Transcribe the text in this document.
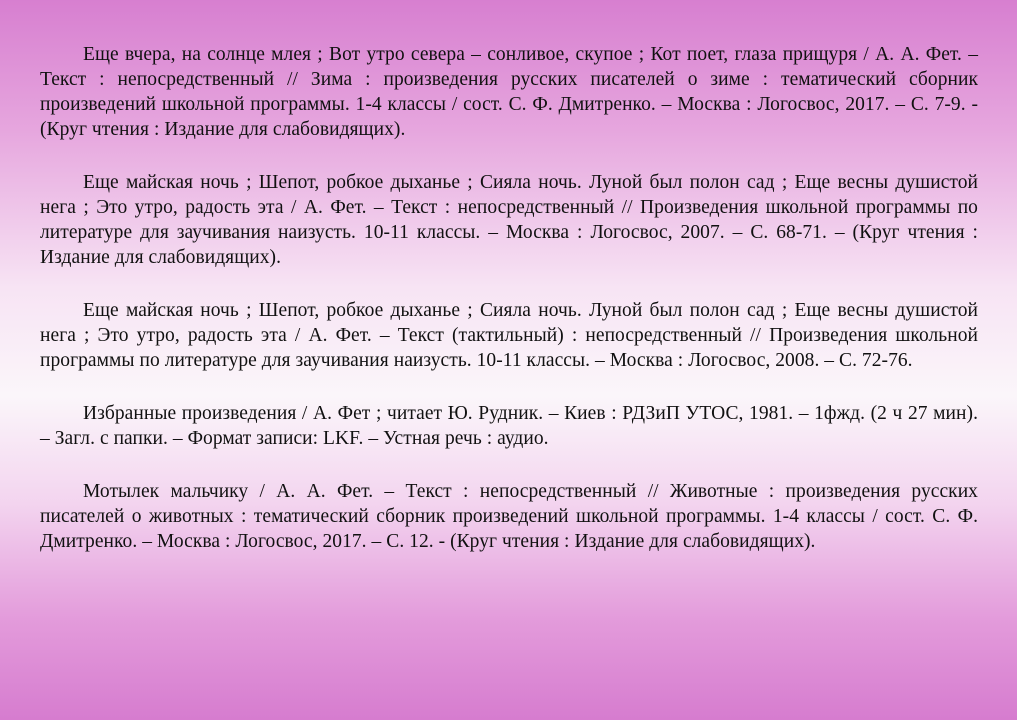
Еще вчера, на солнце млея ; Вот утро севера – сонливое, скупое ; Кот поет, глаза прищуря / А. А. Фет. – Текст : непосредственный // Зима : произведения русских писателей о зиме : тематический сборник произведений школьной программы. 1-4 классы / сост. С. Ф. Дмитренко. – Москва : Логосвос, 2017. – С. 7-9. - (Круг чтения : Издание для слабовидящих).

Еще майская ночь ; Шепот, робкое дыханье ; Сияла ночь. Луной был полон сад ; Еще весны душистой нега ; Это утро, радость эта / А. Фет. – Текст : непосредственный // Произведения школьной программы по литературе для заучивания наизусть. 10-11 классы. – Москва : Логосвос, 2007. – С. 68-71. – (Круг чтения : Издание для слабовидящих).

Еще майская ночь ; Шепот, робкое дыханье ; Сияла ночь. Луной был полон сад ; Еще весны душистой нега ; Это утро, радость эта / А. Фет. – Текст (тактильный) : непосредственный // Произведения школьной программы по литературе для заучивания наизусть. 10-11 классы. – Москва : Логосвос, 2008. – С. 72-76.

Избранные произведения / А. Фет ; читает Ю. Рудник. – Киев : РДЗиП УТОС, 1981. – 1фжд. (2 ч 27 мин). – Загл. с папки. – Формат записи: LKF. – Устная речь : аудио.

Мотылек мальчику / А. А. Фет. – Текст : непосредственный // Животные : произведения русских писателей о животных : тематический сборник произведений школьной программы. 1-4 классы / сост. С. Ф. Дмитренко. – Москва : Логосвос, 2017. – С. 12. - (Круг чтения : Издание для слабовидящих).
